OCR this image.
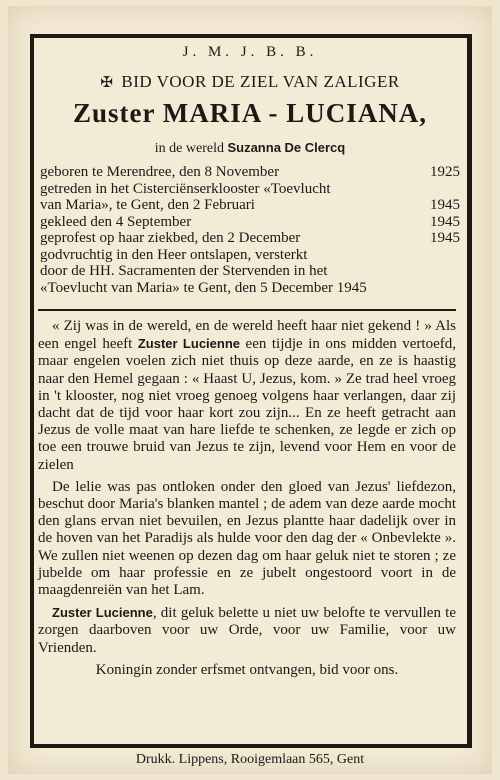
J. M. J. B. B.
✠ BID VOOR DE ZIEL VAN ZALIGER
Zuster MARIA - LUCIANA,
in de wereld Suzanna De Clercq
geboren te Merendree, den 8 November	1925
getreden in het Cisterciënserklooster «Toevlucht
van Maria», te Gent, den 2 Februari	1945
gekleed den 4 September	1945
geprofest op haar ziekbed, den 2 December	1945
godvruchtig in den Heer ontslapen, versterkt
door de HH. Sacramenten der Stervenden in het
«Toevlucht van Maria» te Gent, den 5 December 1945

« Zij was in de wereld, en de wereld heeft haar niet gekend ! » Als een engel heeft Zuster Lucienne een tijdje in ons midden vertoefd, maar engelen voelen zich niet thuis op deze aarde, en ze is haastig naar den Hemel gegaan : « Haast U, Jezus, kom. » Ze trad heel vroeg in 't klooster, nog niet vroeg genoeg volgens haar verlangen, daar zij dacht dat de tijd voor haar kort zou zijn... En ze heeft getracht aan Jezus de volle maat van hare liefde te schenken, ze legde er zich op toe een trouwe bruid van Jezus te zijn, levend voor Hem en voor de zielen

De lelie was pas ontloken onder den gloed van Jezus' liefdezon, beschut door Maria's blanken mantel ; de adem van deze aarde mocht den glans ervan niet bevuilen, en Jezus plantte haar dadelijk over in de hoven van het Paradijs als hulde voor den dag der « Onbevlekte ». We zullen niet weenen op dezen dag om haar geluk niet te storen ; ze jubelde om haar professie en ze jubelt ongestoord voort in de maagdenreiën van het Lam.

Zuster Lucienne, dit geluk belette u niet uw belofte te vervullen te zorgen daarboven voor uw Orde, voor uw Familie, voor uw Vrienden.

Koningin zonder erfsmet ontvangen, bid voor ons.

Drukk. Lippens, Rooigemlaan 565, Gent
